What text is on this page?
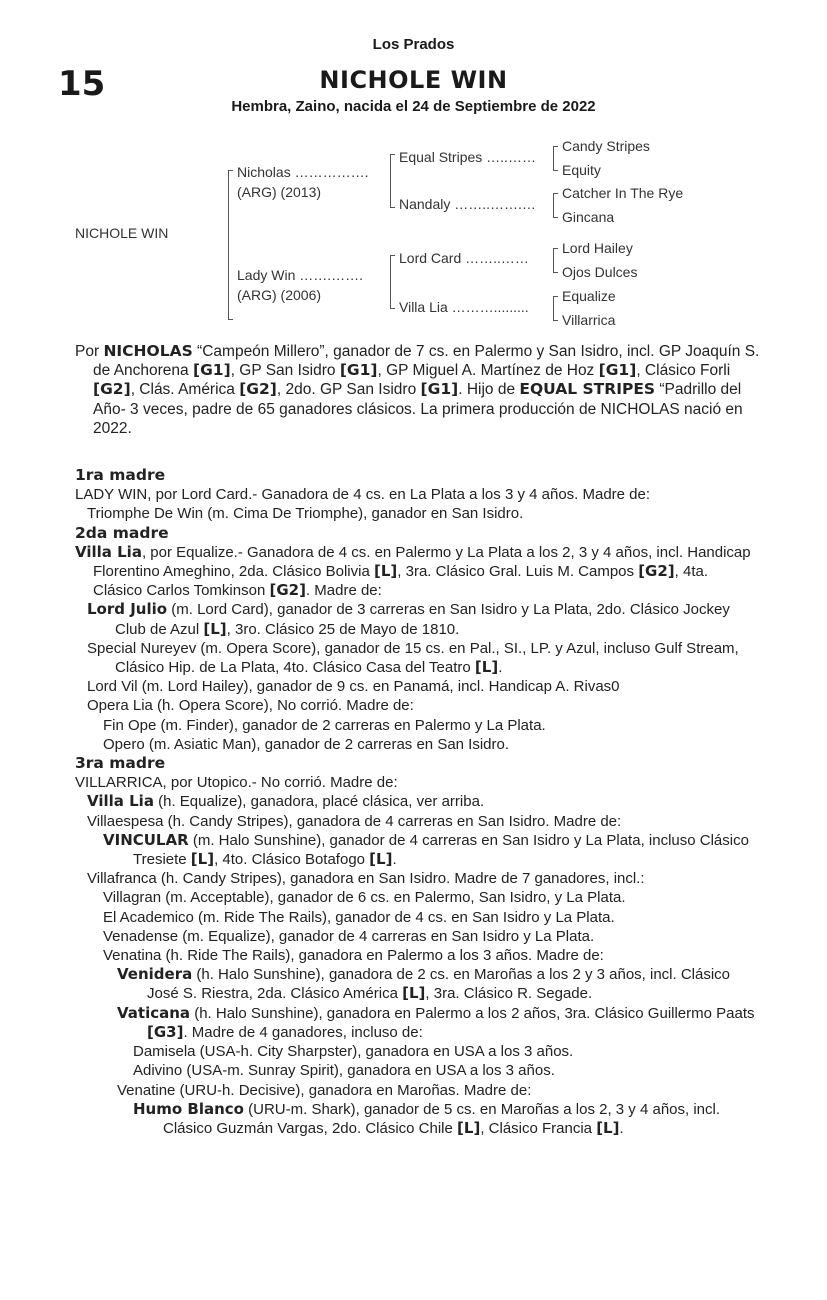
15
Los Prados
NICHOLE WIN
Hembra, Zaino, nacida el 24 de Septiembre de 2022
NICHOLE WIN
Nicholas …………….
(ARG) (2013)
Lady Win …….…….
(ARG) (2006)
Equal Stripes …..……
Nandaly ……..…….…
Lord Card ……..……
Villa Lia ……….........
Candy Stripes
Equity
Catcher In The Rye
Gincana
Lord Hailey
Ojos Dulces
Equalize
Villarrica

Por NICHOLAS “Campeón Millero”, ganador de 7 cs. en Palermo y San Isidro, incl. GP Joaquín S. de Anchorena [G1], GP San Isidro [G1], GP Miguel A. Martínez de Hoz [G1], Clásico Forli [G2], Clás. América [G2], 2do. GP San Isidro [G1]. Hijo de EQUAL STRIPES “Padrillo del Año- 3 veces, padre de 65 ganadores clásicos. La primera producción de NICHOLAS nació en 2022.

1ra madre

LADY WIN, por Lord Card.- Ganadora de 4 cs. en La Plata a los 3 y 4 años. Madre de:

Triomphe De Win (m. Cima De Triomphe), ganador en San Isidro.

2da madre

Villa Lia, por Equalize.- Ganadora de 4 cs. en Palermo y La Plata a los 2, 3 y 4 años, incl. Handicap Florentino Ameghino, 2da. Clásico Bolivia [L], 3ra. Clásico Gral. Luis M. Campos [G2], 4ta. Clásico Carlos Tomkinson [G2]. Madre de:

Lord Julio (m. Lord Card), ganador de 3 carreras en San Isidro y La Plata, 2do. Clásico Jockey Club de Azul [L], 3ro. Clásico 25 de Mayo de 1810.

Special Nureyev (m. Opera Score), ganador de 15 cs. en Pal., SI., LP. y Azul, incluso Gulf Stream, Clásico Hip. de La Plata, 4to. Clásico Casa del Teatro [L].

Lord Vil (m. Lord Hailey), ganador de 9 cs. en Panamá, incl. Handicap A. Rivas0

Opera Lia (h. Opera Score), No corrió. Madre de:

Fin Ope (m. Finder), ganador de 2 carreras en Palermo y La Plata.

Opero (m. Asiatic Man), ganador de 2 carreras en San Isidro.

3ra madre

VILLARRICA, por Utopico.- No corrió. Madre de:

Villa Lia (h. Equalize), ganadora, placé clásica, ver arriba.

Villaespesa (h. Candy Stripes), ganadora de 4 carreras en San Isidro. Madre de:

VINCULAR (m. Halo Sunshine), ganador de 4 carreras en San Isidro y La Plata, incluso Clásico Tresiete [L], 4to. Clásico Botafogo [L].

Villafranca (h. Candy Stripes), ganadora en San Isidro. Madre de 7 ganadores, incl.:

Villagran (m. Acceptable), ganador de 6 cs. en Palermo, San Isidro, y La Plata.

El Academico (m. Ride The Rails), ganador de 4 cs. en San Isidro y La Plata.

Venadense (m. Equalize), ganador de 4 carreras en San Isidro y La Plata.

Venatina (h. Ride The Rails), ganadora en Palermo a los 3 años. Madre de:

Venidera (h. Halo Sunshine), ganadora de 2 cs. en Maroñas a los 2 y 3 años, incl. Clásico José S. Riestra, 2da. Clásico América [L], 3ra. Clásico R. Segade.

Vaticana (h. Halo Sunshine), ganadora en Palermo a los 2 años, 3ra. Clásico Guillermo Paats [G3]. Madre de 4 ganadores, incluso de:

Damisela (USA-h. City Sharpster), ganadora en USA a los 3 años.

Adivino (USA-m. Sunray Spirit), ganadora en USA a los 3 años.

Venatine (URU-h. Decisive), ganadora en Maroñas. Madre de:

Humo Blanco (URU-m. Shark), ganador de 5 cs. en Maroñas a los 2, 3 y 4 años, incl. Clásico Guzmán Vargas, 2do. Clásico Chile [L], Clásico Francia [L].
